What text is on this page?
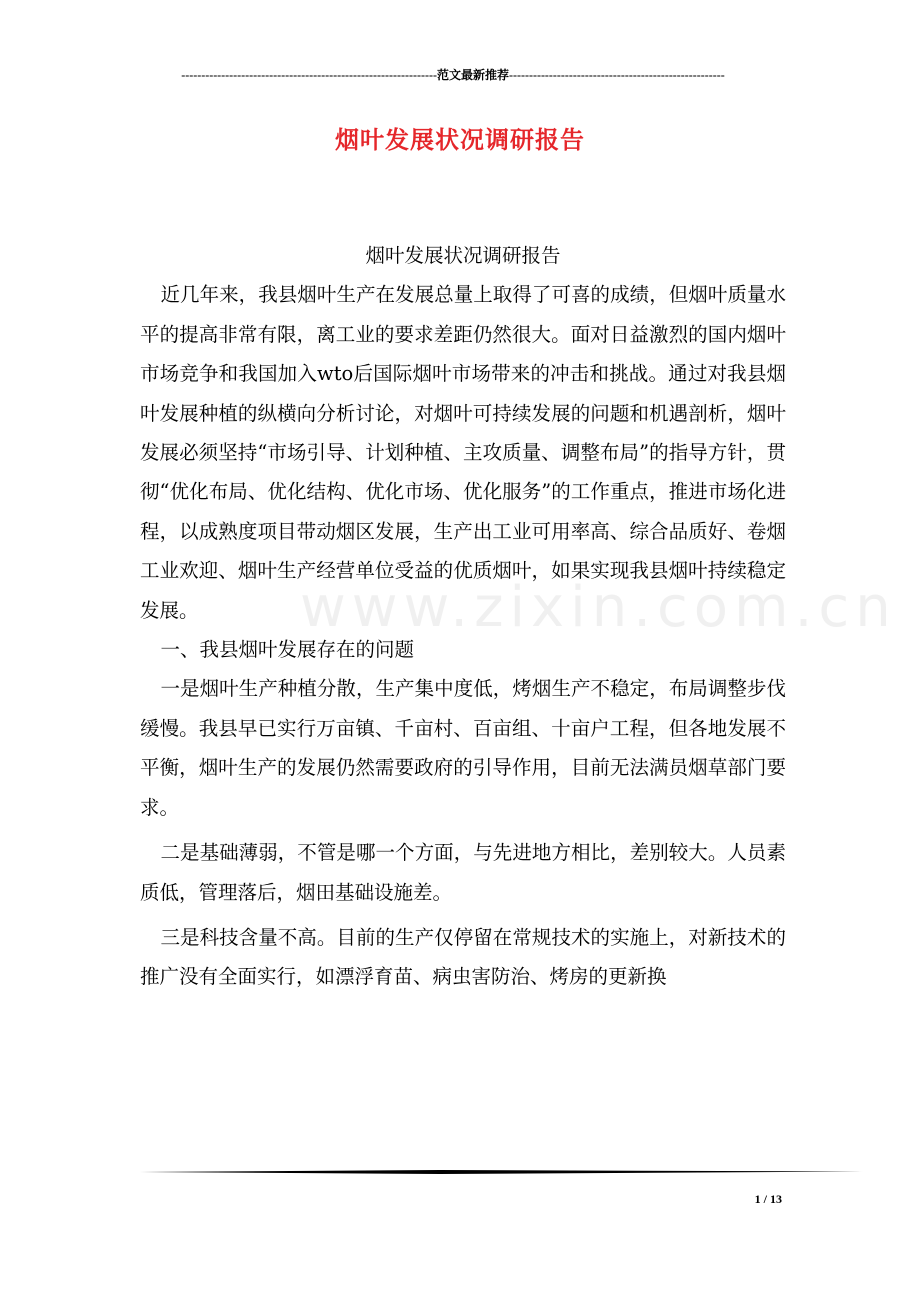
----------------------------------------------------------------范文最新推荐------------------------------------------------------
烟叶发展状况调研报告
www.zixin.com.cn

烟叶发展状况调研报告

近几年来，我县烟叶生产在发展总量上取得了可喜的成绩，但烟叶质量水平的提高非常有限，离工业的要求差距仍然很大。面对日益激烈的国内烟叶市场竞争和我国加入wto后国际烟叶市场带来的冲击和挑战。通过对我县烟叶发展种植的纵横向分析讨论，对烟叶可持续发展的问题和机遇剖析，烟叶发展必须坚持“市场引导、计划种植、主攻质量、调整布局”的指导方针，贯彻“优化布局、优化结构、优化市场、优化服务”的工作重点，推进市场化进程，以成熟度项目带动烟区发展，生产出工业可用率高、综合品质好、卷烟工业欢迎、烟叶生产经营单位受益的优质烟叶，如果实现我县烟叶持续稳定发展。

一、我县烟叶发展存在的问题

一是烟叶生产种植分散，生产集中度低，烤烟生产不稳定，布局调整步伐缓慢。我县早已实行万亩镇、千亩村、百亩组、十亩户工程，但各地发展不平衡，烟叶生产的发展仍然需要政府的引导作用，目前无法满员烟草部门要求。

二是基础薄弱，不管是哪一个方面，与先进地方相比，差别较大。人员素质低，管理落后，烟田基础设施差。

三是科技含量不高。目前的生产仅停留在常规技术的实施上，对新技术的推广没有全面实行，如漂浮育苗、病虫害防治、烤房的更新换

1 / 13
